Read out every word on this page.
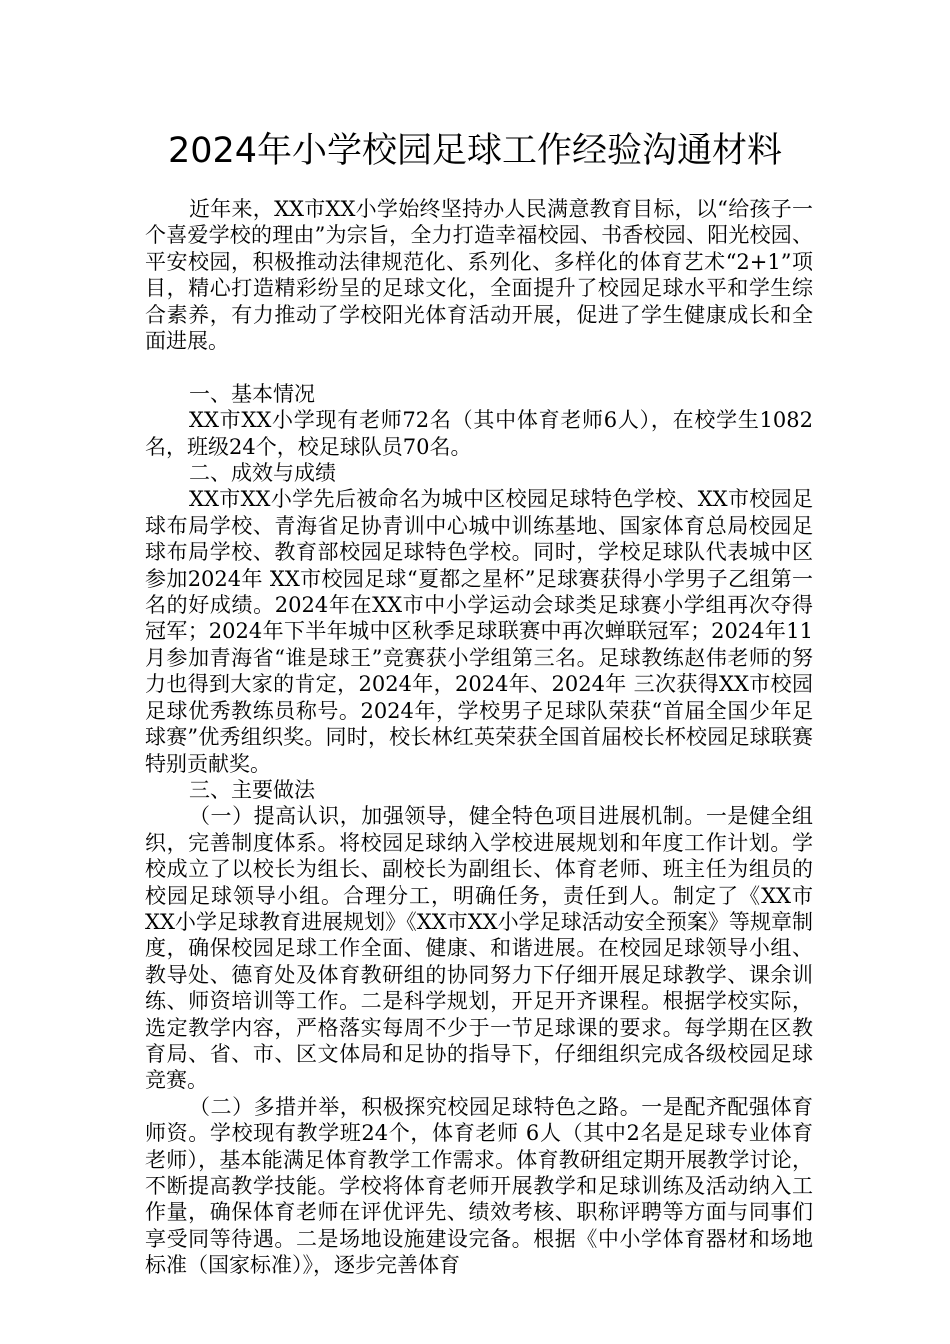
2024年小学校园足球工作经验沟通材料

近年来，XX市XX小学始终坚持办人民满意教育目标，以“给孩子一个喜爱学校的理由”为宗旨，全力打造幸福校园、书香校园、阳光校园、平安校园，积极推动法律规范化、系列化、多样化的体育艺术“2+1”项目，精心打造精彩纷呈的足球文化，全面提升了校园足球水平和学生综合素养，有力推动了学校阳光体育活动开展，促进了学生健康成长和全面进展。

一、基本情况

XX市XX小学现有老师72名（其中体育老师6人），在校学生1082名，班级24个，校足球队员70名。

二、成效与成绩

XX市XX小学先后被命名为城中区校园足球特色学校、XX市校园足球布局学校、青海省足协青训中心城中训练基地、国家体育总局校园足球布局学校、教育部校园足球特色学校。同时，学校足球队代表城中区参加2024年 XX市校园足球“夏都之星杯”足球赛获得小学男子乙组第一名的好成绩。2024年在XX市中小学运动会球类足球赛小学组再次夺得冠军；2024年下半年城中区秋季足球联赛中再次蝉联冠军；2024年11月参加青海省“谁是球王”竞赛获小学组第三名。足球教练赵伟老师的努力也得到大家的肯定，2024年，2024年、2024年 三次获得XX市校园足球优秀教练员称号。2024年，学校男子足球队荣获“首届全国少年足球赛”优秀组织奖。同时，校长林红英荣获全国首届校长杯校园足球联赛特别贡献奖。

三、主要做法

（一）提高认识，加强领导，健全特色项目进展机制。一是健全组织，完善制度体系。将校园足球纳入学校进展规划和年度工作计划。学校成立了以校长为组长、副校长为副组长、体育老师、班主任为组员的校园足球领导小组。合理分工，明确任务，责任到人。制定了《XX市XX小学足球教育进展规划》《XX市XX小学足球活动安全预案》等规章制度，确保校园足球工作全面、健康、和谐进展。在校园足球领导小组、教导处、德育处及体育教研组的协同努力下仔细开展足球教学、课余训练、师资培训等工作。二是科学规划，开足开齐课程。根据学校实际，选定教学内容，严格落实每周不少于一节足球课的要求。每学期在区教育局、省、市、区文体局和足协的指导下，仔细组织完成各级校园足球竞赛。

（二）多措并举，积极探究校园足球特色之路。一是配齐配强体育师资。学校现有教学班24个，体育老师 6人（其中2名是足球专业体育老师），基本能满足体育教学工作需求。体育教研组定期开展教学讨论，不断提高教学技能。学校将体育老师开展教学和足球训练及活动纳入工作量，确保体育老师在评优评先、绩效考核、职称评聘等方面与同事们享受同等待遇。二是场地设施建设完备。根据《中小学体育器材和场地标准（国家标准）》，逐步完善体育
